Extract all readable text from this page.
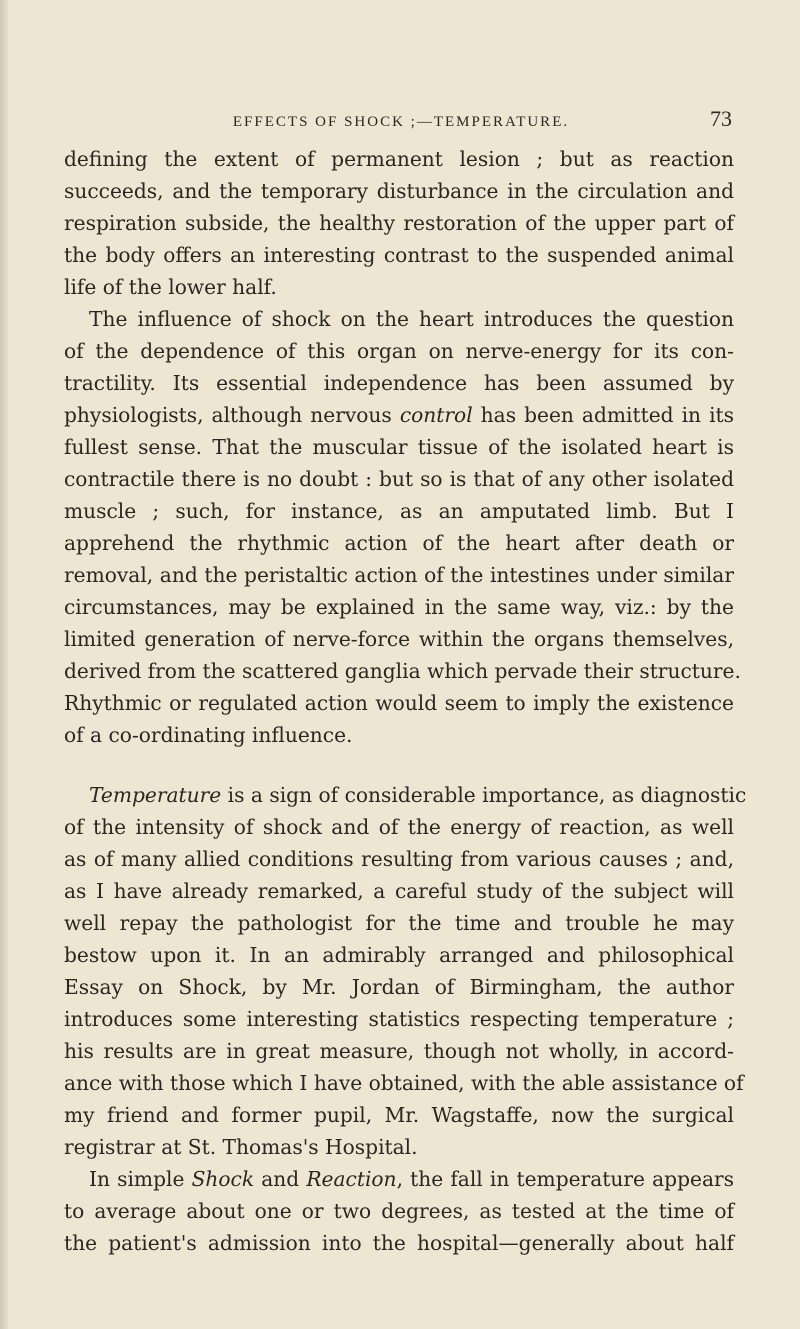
EFFECTS OF SHOCK ;—TEMPERATURE.	73
defining the extent of permanent lesion ; but as reaction
succeeds, and the temporary disturbance in the circulation and
respiration subside, the healthy restoration of the upper part of
the body offers an interesting contrast to the suspended animal
life of the lower half.
The influence of shock on the heart introduces the question
of the dependence of this organ on nerve-energy for its con-
tractility. Its essential independence has been assumed by
physiologists, although nervous control has been admitted in its
fullest sense. That the muscular tissue of the isolated heart is
contractile there is no doubt : but so is that of any other isolated
muscle ; such, for instance, as an amputated limb. But I
apprehend the rhythmic action of the heart after death or
removal, and the peristaltic action of the intestines under similar
circumstances, may be explained in the same way, viz.: by the
limited generation of nerve-force within the organs themselves,
derived from the scattered ganglia which pervade their structure.
Rhythmic or regulated action would seem to imply the existence
of a co-ordinating influence.
Temperature is a sign of considerable importance, as diagnostic
of the intensity of shock and of the energy of reaction, as well
as of many allied conditions resulting from various causes ; and,
as I have already remarked, a careful study of the subject will
well repay the pathologist for the time and trouble he may
bestow upon it. In an admirably arranged and philosophical
Essay on Shock, by Mr. Jordan of Birmingham, the author
introduces some interesting statistics respecting temperature ;
his results are in great measure, though not wholly, in accord-
ance with those which I have obtained, with the able assistance of
my friend and former pupil, Mr. Wagstaffe, now the surgical
registrar at St. Thomas's Hospital.
In simple Shock and Reaction, the fall in temperature appears
to average about one or two degrees, as tested at the time of
the patient's admission into the hospital—generally about half
